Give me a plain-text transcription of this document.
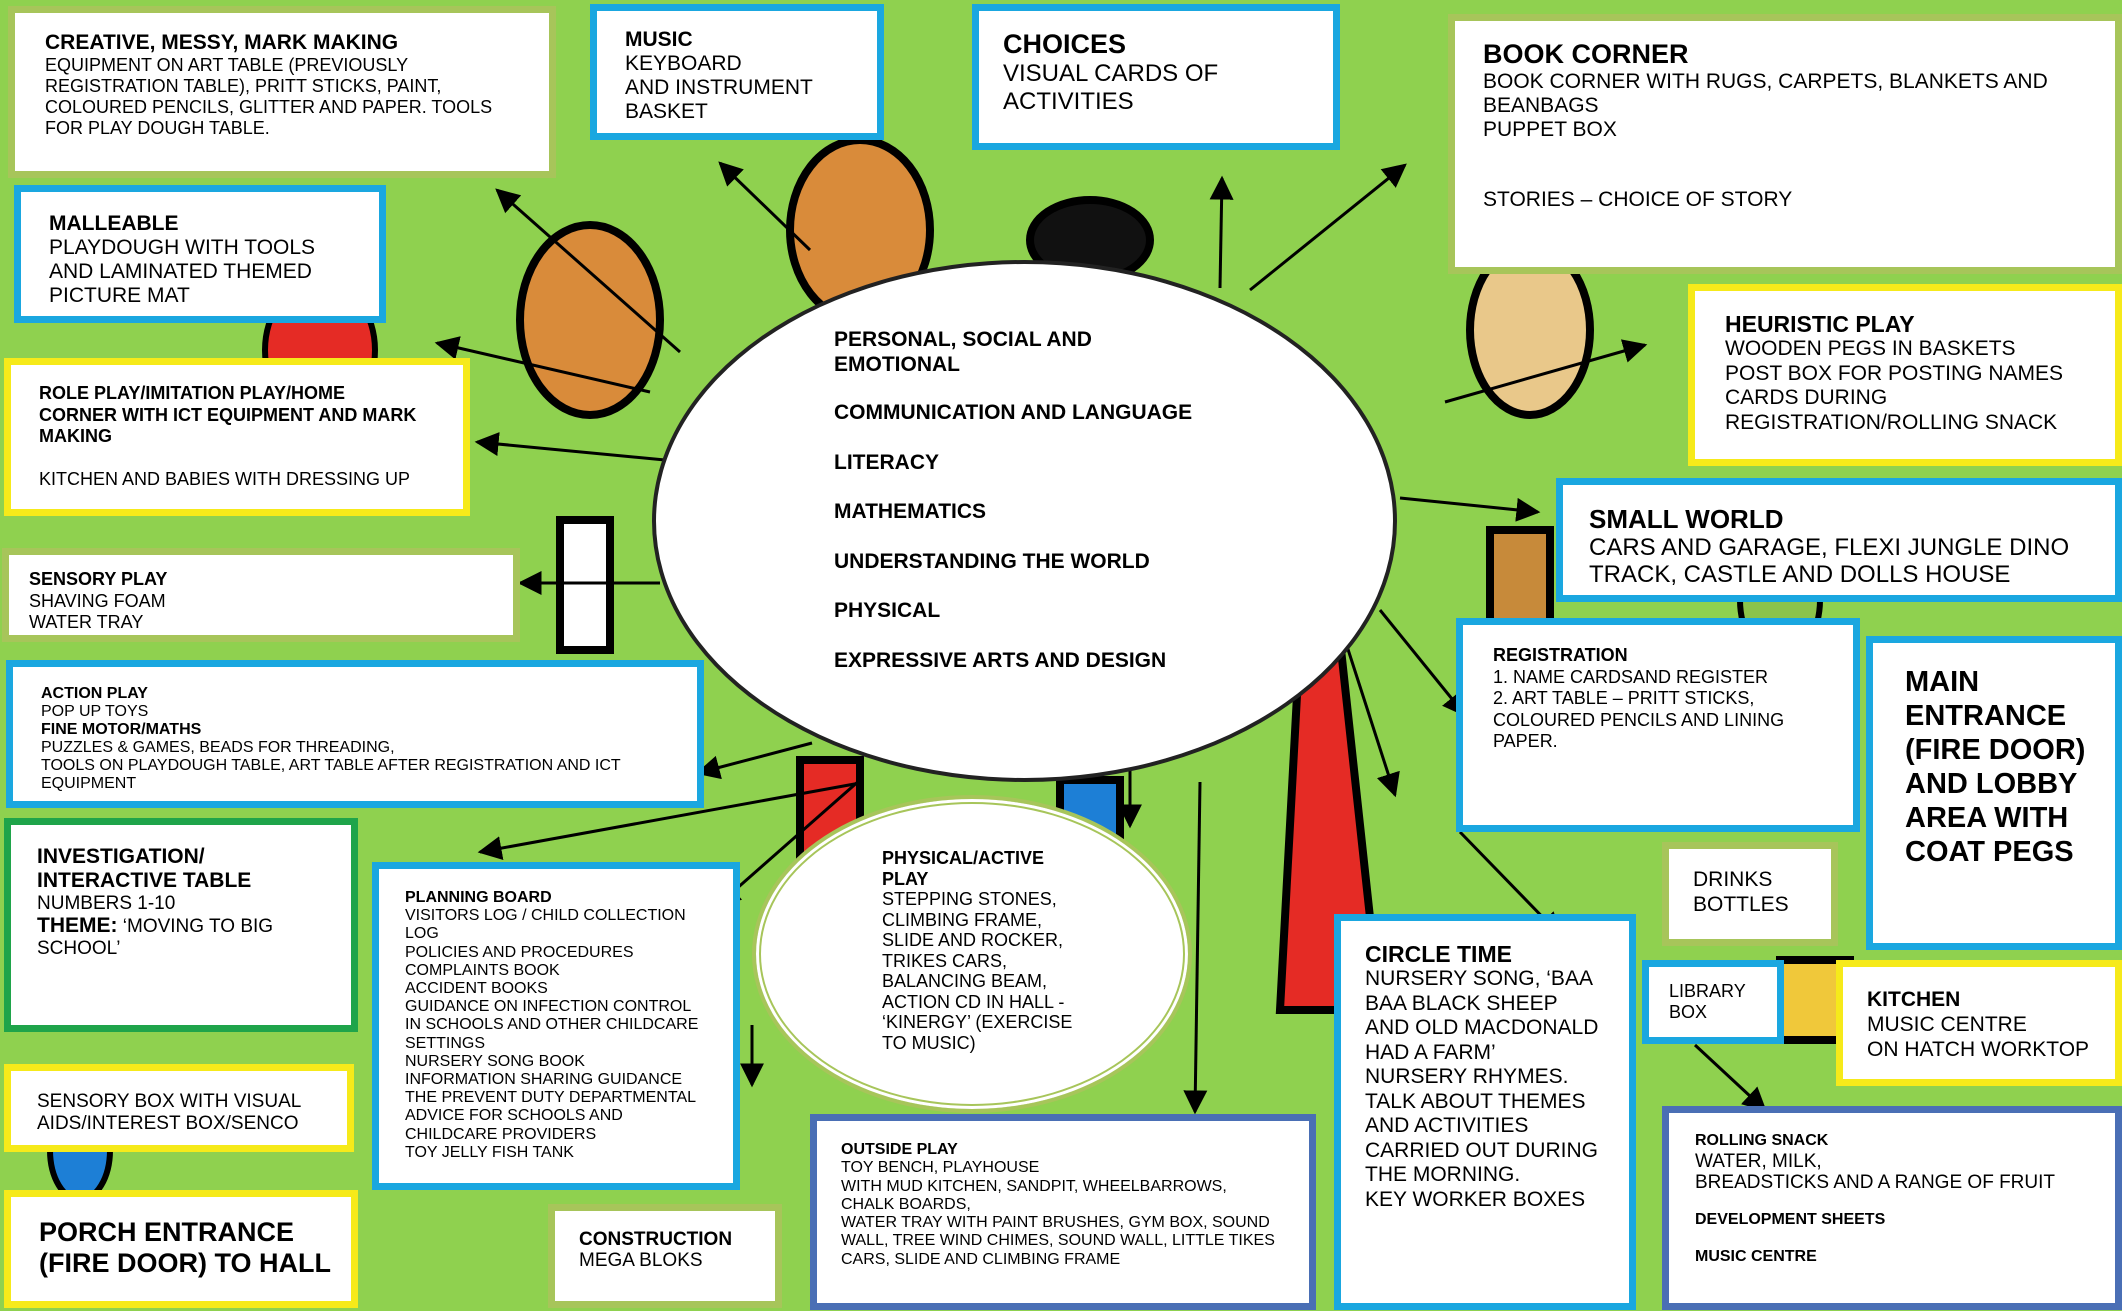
PERSONAL, SOCIAL AND
EMOTIONAL
COMMUNICATION AND LANGUAGE
LITERACY
MATHEMATICS
UNDERSTANDING THE WORLD
PHYSICAL
EXPRESSIVE ARTS AND DESIGN
PHYSICAL/ACTIVE
PLAY
STEPPING STONES,
CLIMBING FRAME,
SLIDE AND ROCKER,
TRIKES CARS,
BALANCING BEAM,
ACTION CD IN HALL -
‘KINERGY’ (EXERCISE
TO MUSIC)
CREATIVE, MESSY, MARK MAKING
EQUIPMENT ON ART TABLE (PREVIOUSLY
REGISTRATION TABLE), PRITT STICKS, PAINT,
COLOURED PENCILS, GLITTER AND PAPER. TOOLS
FOR PLAY DOUGH TABLE.
MUSIC
KEYBOARD
AND INSTRUMENT
BASKET
CHOICES
VISUAL CARDS OF
ACTIVITIES
BOOK CORNER
BOOK CORNER WITH RUGS, CARPETS, BLANKETS AND
BEANBAGS
PUPPET BOX
STORIES – CHOICE OF STORY
MALLEABLE
PLAYDOUGH WITH TOOLS
AND LAMINATED THEMED
PICTURE MAT
HEURISTIC PLAY
WOODEN PEGS IN BASKETS
POST BOX FOR POSTING NAMES
CARDS DURING
REGISTRATION/ROLLING SNACK
ROLE PLAY/IMITATION PLAY/HOME
CORNER WITH ICT EQUIPMENT AND MARK
MAKING
KITCHEN AND BABIES WITH DRESSING UP
SMALL WORLD
CARS AND GARAGE, FLEXI JUNGLE DINO
TRACK, CASTLE AND DOLLS HOUSE
SENSORY PLAY
SHAVING FOAM
WATER TRAY
REGISTRATION
1. NAME CARDSAND REGISTER
2. ART TABLE – PRITT STICKS,
COLOURED PENCILS AND LINING
PAPER.
MAIN
ENTRANCE
(FIRE DOOR)
AND LOBBY
AREA WITH
COAT PEGS
ACTION PLAY
POP UP TOYS
FINE MOTOR/MATHS
PUZZLES & GAMES, BEADS FOR THREADING,
TOOLS ON PLAYDOUGH TABLE, ART TABLE AFTER REGISTRATION AND ICT
EQUIPMENT
INVESTIGATION/
INTERACTIVE TABLE
NUMBERS 1-10
THEME: ‘MOVING TO BIG
SCHOOL’
DRINKS
BOTTLES
PLANNING BOARD
VISITORS LOG / CHILD COLLECTION
LOG
POLICIES AND PROCEDURES
COMPLAINTS BOOK
ACCIDENT BOOKS
GUIDANCE ON INFECTION CONTROL
IN SCHOOLS AND OTHER CHILDCARE
SETTINGS
NURSERY SONG BOOK
INFORMATION SHARING GUIDANCE
THE PREVENT DUTY DEPARTMENTAL
ADVICE FOR SCHOOLS AND
CHILDCARE PROVIDERS
TOY JELLY FISH TANK
CIRCLE TIME
NURSERY SONG, ‘BAA
BAA BLACK SHEEP
AND OLD MACDONALD
HAD A FARM’
NURSERY RHYMES.
TALK ABOUT THEMES
AND ACTIVITIES
CARRIED OUT DURING
THE MORNING.
KEY WORKER BOXES
LIBRARY
BOX
KITCHEN
MUSIC CENTRE
ON HATCH WORKTOP
SENSORY BOX WITH VISUAL
AIDS/INTEREST BOX/SENCO
OUTSIDE PLAY
TOY BENCH, PLAYHOUSE
WITH MUD KITCHEN, SANDPIT, WHEELBARROWS,
CHALK BOARDS,
WATER TRAY WITH PAINT BRUSHES, GYM BOX, SOUND
WALL, TREE WIND CHIMES, SOUND WALL, LITTLE TIKES
CARS, SLIDE AND CLIMBING FRAME
ROLLING SNACK
WATER, MILK,
BREADSTICKS AND A RANGE OF FRUIT
DEVELOPMENT SHEETS
MUSIC CENTRE
PORCH ENTRANCE
(FIRE DOOR) TO HALL
CONSTRUCTION
MEGA BLOKS
